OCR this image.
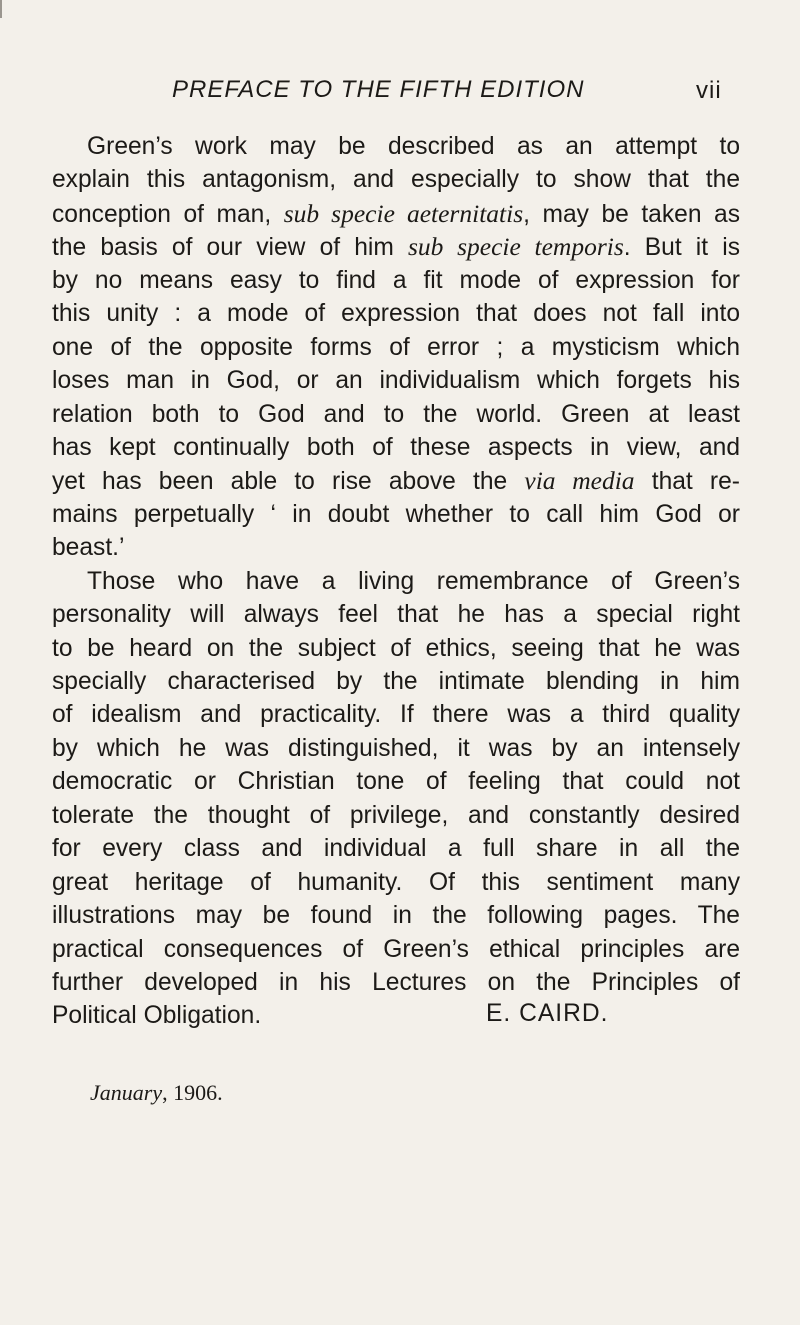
PREFACE TO THE FIFTH EDITION	vii
Green’s work may be described as an attempt to
explain this antagonism, and especially to show that the
conception of man, sub specie aeternitatis, may be taken as
the basis of our view of him sub specie temporis. But it is
by no means easy to find a fit mode of expression for
this unity : a mode of expression that does not fall into
one of the opposite forms of error ; a mysticism which
loses man in God, or an individualism which forgets his
relation both to God and to the world. Green at least
has kept continually both of these aspects in view, and
yet has been able to rise above the via media that re-
mains perpetually ‘ in doubt whether to call him God or
beast.’
Those who have a living remembrance of Green’s
personality will always feel that he has a special right
to be heard on the subject of ethics, seeing that he was
specially characterised by the intimate blending in him
of idealism and practicality. If there was a third quality
by which he was distinguished, it was by an intensely
democratic or Christian tone of feeling that could not
tolerate the thought of privilege, and constantly desired
for every class and individual a full share in all the
great heritage of humanity. Of this sentiment many
illustrations may be found in the following pages. The
practical consequences of Green’s ethical principles are
further developed in his Lectures on the Principles of
Political Obligation.	E. CAIRD.
January, 1906.
